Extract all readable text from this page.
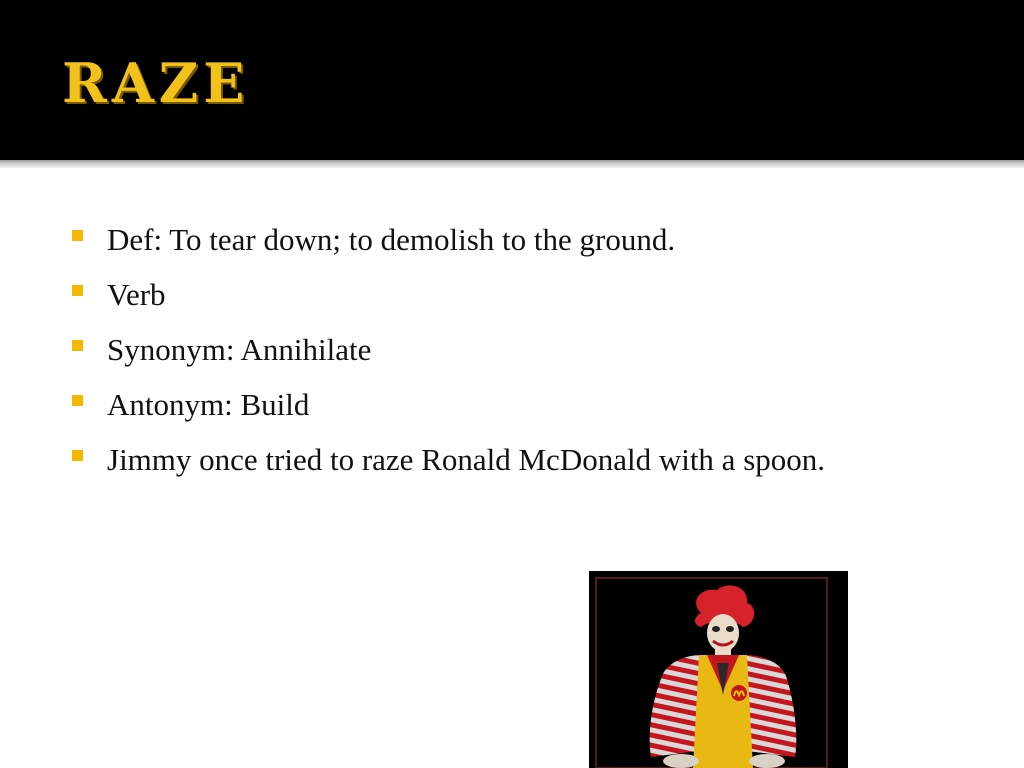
RAZE
Def: To tear down; to demolish to the ground.
Verb
Synonym: Annihilate
Antonym: Build
Jimmy once tried to raze Ronald McDonald with a spoon.
